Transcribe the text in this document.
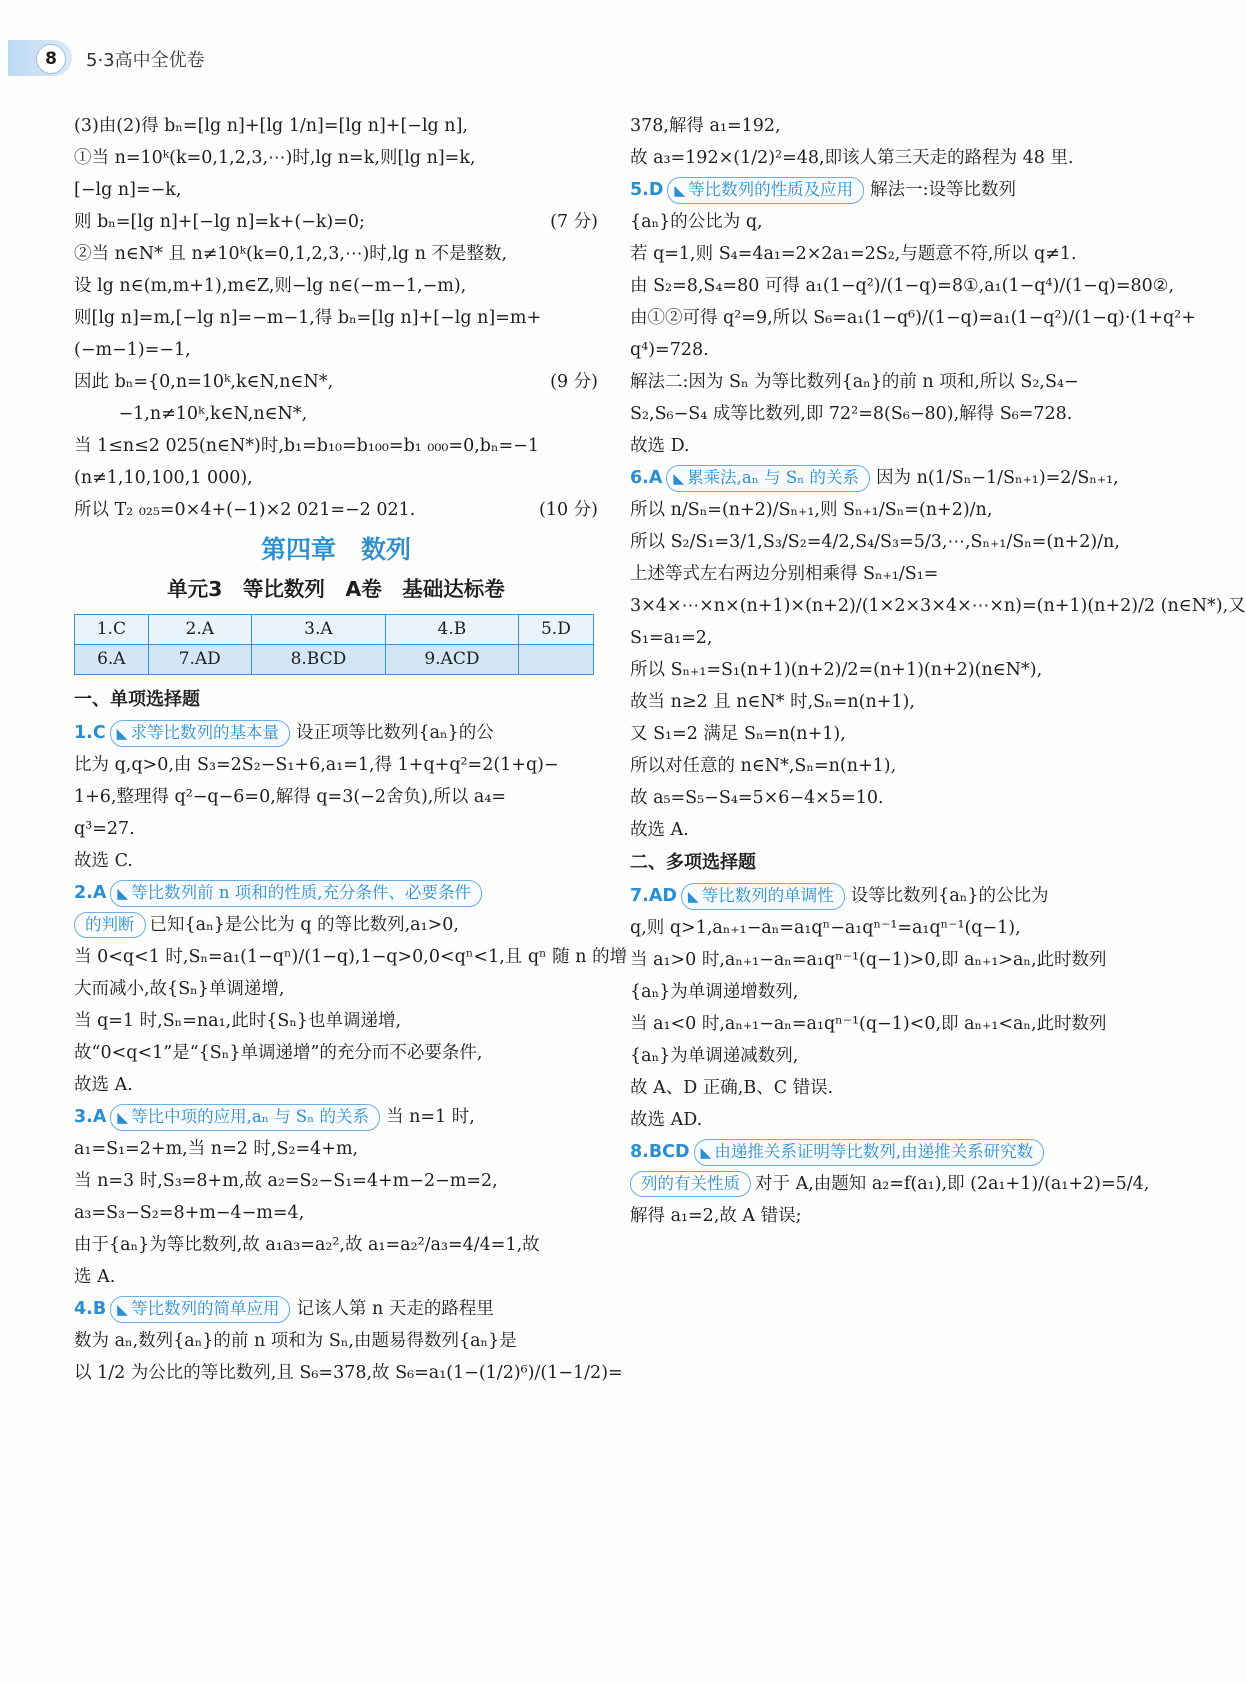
8	5·3高中全优卷
(3)由(2)得 bₙ=[lg n]+[lg 1/n]=[lg n]+[−lg n],
①当 n=10ᵏ(k=0,1,2,3,⋯)时,lg n=k,则[lg n]=k,
[−lg n]=−k,
则 bₙ=[lg n]+[−lg n]=k+(−k)=0;	(7 分)
②当 n∈N* 且 n≠10ᵏ(k=0,1,2,3,⋯)时,lg n 不是整数,
设 lg n∈(m,m+1),m∈Z,则−lg n∈(−m−1,−m),
则[lg n]=m,[−lg n]=−m−1,得 bₙ=[lg n]+[−lg n]=m+
(−m−1)=−1,
因此 bₙ={0,n=10ᵏ,k∈N,n∈N*,	(9 分)
−1,n≠10ᵏ,k∈N,n∈N*,
当 1≤n≤2 025(n∈N*)时,b₁=b₁₀=b₁₀₀=b₁ ₀₀₀=0,bₙ=−1
(n≠1,10,100,1 000),
所以 T₂ ₀₂₅=0×4+(−1)×2 021=−2 021.	(10 分)
第四章　数列
单元3　等比数列　A卷　基础达标卷
1.C	2.A	3.A	4.B	5.D
6.A	7.AD	8.BCD	9.ACD	
一、单项选择题
1.C ◣ 求等比数列的基本量 设正项等比数列{aₙ}的公
比为 q,q>0,由 S₃=2S₂−S₁+6,a₁=1,得 1+q+q²=2(1+q)−
1+6,整理得 q²−q−6=0,解得 q=3(−2舍负),所以 a₄=
q³=27.
故选 C.
2.A ◣ 等比数列前 n 项和的性质,充分条件、必要条件
的判断 已知{aₙ}是公比为 q 的等比数列,a₁>0,
当 0<q<1 时,Sₙ=a₁(1−qⁿ)/(1−q),1−q>0,0<qⁿ<1,且 qⁿ 随 n 的增
大而减小,故{Sₙ}单调递增,
当 q=1 时,Sₙ=na₁,此时{Sₙ}也单调递增,
故“0<q<1”是“{Sₙ}单调递增”的充分而不必要条件,
故选 A.
3.A ◣ 等比中项的应用,aₙ 与 Sₙ 的关系 当 n=1 时,
a₁=S₁=2+m,当 n=2 时,S₂=4+m,
当 n=3 时,S₃=8+m,故 a₂=S₂−S₁=4+m−2−m=2,
a₃=S₃−S₂=8+m−4−m=4,
由于{aₙ}为等比数列,故 a₁a₃=a₂²,故 a₁=a₂²/a₃=4/4=1,故
选 A.
4.B ◣ 等比数列的简单应用 记该人第 n 天走的路程里
数为 aₙ,数列{aₙ}的前 n 项和为 Sₙ,由题易得数列{aₙ}是
以 1/2 为公比的等比数列,且 S₆=378,故 S₆=a₁(1−(1/2)⁶)/(1−1/2)=
378,解得 a₁=192,
故 a₃=192×(1/2)²=48,即该人第三天走的路程为 48 里.
5.D ◣ 等比数列的性质及应用 解法一:设等比数列
{aₙ}的公比为 q,
若 q=1,则 S₄=4a₁=2×2a₁=2S₂,与题意不符,所以 q≠1.
由 S₂=8,S₄=80 可得 a₁(1−q²)/(1−q)=8①,a₁(1−q⁴)/(1−q)=80②,
由①②可得 q²=9,所以 S₆=a₁(1−q⁶)/(1−q)=a₁(1−q²)/(1−q)·(1+q²+
q⁴)=728.
解法二:因为 Sₙ 为等比数列{aₙ}的前 n 项和,所以 S₂,S₄−
S₂,S₆−S₄ 成等比数列,即 72²=8(S₆−80),解得 S₆=728.
故选 D.
6.A ◣ 累乘法,aₙ 与 Sₙ 的关系 因为 n(1/Sₙ−1/Sₙ₊₁)=2/Sₙ₊₁,
所以 n/Sₙ=(n+2)/Sₙ₊₁,则 Sₙ₊₁/Sₙ=(n+2)/n,
所以 S₂/S₁=3/1,S₃/S₂=4/2,S₄/S₃=5/3,⋯,Sₙ₊₁/Sₙ=(n+2)/n,
上述等式左右两边分别相乘得 Sₙ₊₁/S₁=
3×4×⋯×n×(n+1)×(n+2)/(1×2×3×4×⋯×n)=(n+1)(n+2)/2 (n∈N*),又
S₁=a₁=2,
所以 Sₙ₊₁=S₁(n+1)(n+2)/2=(n+1)(n+2)(n∈N*),
故当 n≥2 且 n∈N* 时,Sₙ=n(n+1),
又 S₁=2 满足 Sₙ=n(n+1),
所以对任意的 n∈N*,Sₙ=n(n+1),
故 a₅=S₅−S₄=5×6−4×5=10.
故选 A.
二、多项选择题
7.AD ◣ 等比数列的单调性 设等比数列{aₙ}的公比为
q,则 q>1,aₙ₊₁−aₙ=a₁qⁿ−a₁qⁿ⁻¹=a₁qⁿ⁻¹(q−1),
当 a₁>0 时,aₙ₊₁−aₙ=a₁qⁿ⁻¹(q−1)>0,即 aₙ₊₁>aₙ,此时数列
{aₙ}为单调递增数列,
当 a₁<0 时,aₙ₊₁−aₙ=a₁qⁿ⁻¹(q−1)<0,即 aₙ₊₁<aₙ,此时数列
{aₙ}为单调递减数列,
故 A、D 正确,B、C 错误.
故选 AD.
8.BCD ◣ 由递推关系证明等比数列,由递推关系研究数
列的有关性质 对于 A,由题知 a₂=f(a₁),即 (2a₁+1)/(a₁+2)=5/4,
解得 a₁=2,故 A 错误;
